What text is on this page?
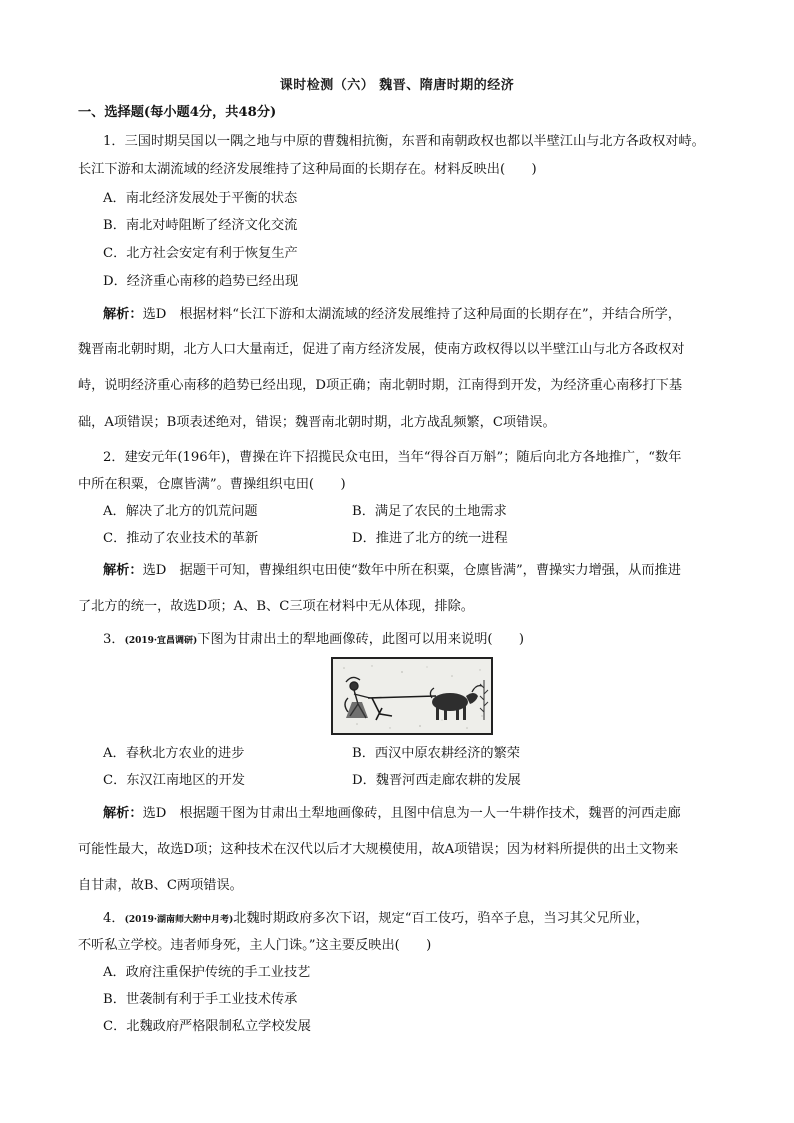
课时检测（六） 魏晋、隋唐时期的经济
一、选择题(每小题4分，共48分)
1．三国时期吴国以一隅之地与中原的曹魏相抗衡，东晋和南朝政权也都以半壁江山与北方各政权对峙。
长江下游和太湖流域的经济发展维持了这种局面的长期存在。材料反映出(　　)
A．南北经济发展处于平衡的状态
B．南北对峙阻断了经济文化交流
C．北方社会安定有利于恢复生产
D．经济重心南移的趋势已经出现
解析：选D　根据材料“长江下游和太湖流域的经济发展维持了这种局面的长期存在”，并结合所学，
魏晋南北朝时期，北方人口大量南迁，促进了南方经济发展，使南方政权得以以半壁江山与北方各政权对
峙，说明经济重心南移的趋势已经出现，D项正确；南北朝时期，江南得到开发，为经济重心南移打下基
础，A项错误；B项表述绝对，错误；魏晋南北朝时期，北方战乱频繁，C项错误。
2．建安元年(196年)，曹操在许下招揽民众屯田，当年“得谷百万斛”；随后向北方各地推广，“数年
中所在积粟，仓廪皆满”。曹操组织屯田(　　)
A．解决了北方的饥荒问题	B．满足了农民的土地需求
C．推动了农业技术的革新	D．推进了北方的统一进程
解析：选D　据题干可知，曹操组织屯田使“数年中所在积粟，仓廪皆满”，曹操实力增强，从而推进
了北方的统一，故选D项；A、B、C三项在材料中无从体现，排除。
3．(2019·宜昌调研)下图为甘肃出土的犁地画像砖，此图可以用来说明(　　)
A．春秋北方农业的进步	B．西汉中原农耕经济的繁荣
C．东汉江南地区的开发	D．魏晋河西走廊农耕的发展
解析：选D　根据题干图为甘肃出土犁地画像砖，且图中信息为一人一牛耕作技术，魏晋的河西走廊
可能性最大，故选D项；这种技术在汉代以后才大规模使用，故A项错误；因为材料所提供的出土文物来
自甘肃，故B、C两项错误。
4．(2019·湖南师大附中月考)北魏时期政府多次下诏，规定“百工伎巧，驺卒子息，当习其父兄所业，
不听私立学校。违者师身死，主人门诛。”这主要反映出(　　)
A．政府注重保护传统的手工业技艺
B．世袭制有利于手工业技术传承
C．北魏政府严格限制私立学校发展
